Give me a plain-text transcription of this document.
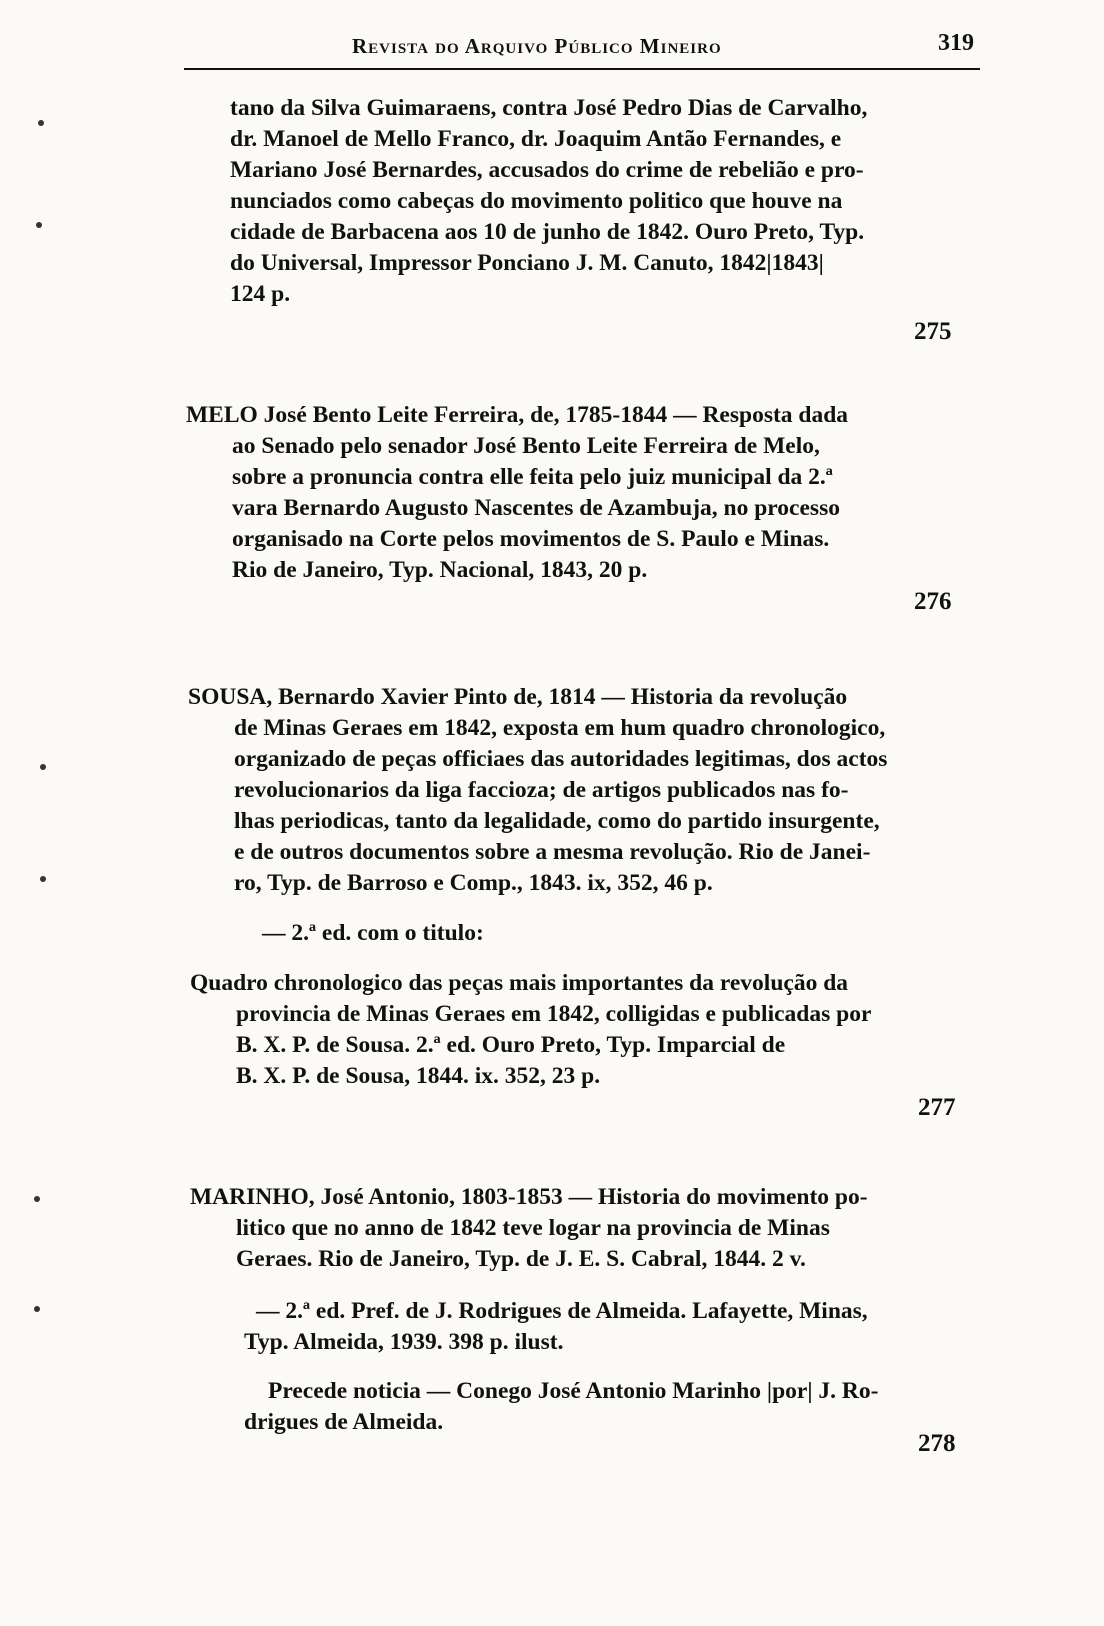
Revista do Arquivo Público Mineiro	319
tano da Silva Guimaraens, contra José Pedro Dias de Carvalho,
dr. Manoel de Mello Franco, dr. Joaquim Antão Fernandes, e
Mariano José Bernardes, accusados do crime de rebelião e pro-
nunciados como cabeças do movimento politico que houve na
cidade de Barbacena aos 10 de junho de 1842. Ouro Preto, Typ.
do Universal, Impressor Ponciano J. M. Canuto, 1842|1843|
124 p.
275
MELO José Bento Leite Ferreira, de, 1785-1844 — Resposta dada
ao Senado pelo senador José Bento Leite Ferreira de Melo,
sobre a pronuncia contra elle feita pelo juiz municipal da 2.ª
vara Bernardo Augusto Nascentes de Azambuja, no processo
organisado na Corte pelos movimentos de S. Paulo e Minas.
Rio de Janeiro, Typ. Nacional, 1843, 20 p.
276
SOUSA, Bernardo Xavier Pinto de, 1814 — Historia da revolução
de Minas Geraes em 1842, exposta em hum quadro chronologico,
organizado de peças officiaes das autoridades legitimas, dos actos
revolucionarios da liga faccioza; de artigos publicados nas fo-
lhas periodicas, tanto da legalidade, como do partido insurgente,
e de outros documentos sobre a mesma revolução. Rio de Janei-
ro, Typ. de Barroso e Comp., 1843. ix, 352, 46 p.
— 2.ª ed. com o titulo:
Quadro chronologico das peças mais importantes da revolução da
provincia de Minas Geraes em 1842, colligidas e publicadas por
B. X. P. de Sousa. 2.ª ed. Ouro Preto, Typ. Imparcial de
B. X. P. de Sousa, 1844. ix. 352, 23 p.
277
MARINHO, José Antonio, 1803-1853 — Historia do movimento po-
litico que no anno de 1842 teve logar na provincia de Minas
Geraes. Rio de Janeiro, Typ. de J. E. S. Cabral, 1844. 2 v.
— 2.ª ed. Pref. de J. Rodrigues de Almeida. Lafayette, Minas,
Typ. Almeida, 1939. 398 p. ilust.
Precede noticia — Conego José Antonio Marinho |por| J. Ro-
drigues de Almeida.
278
